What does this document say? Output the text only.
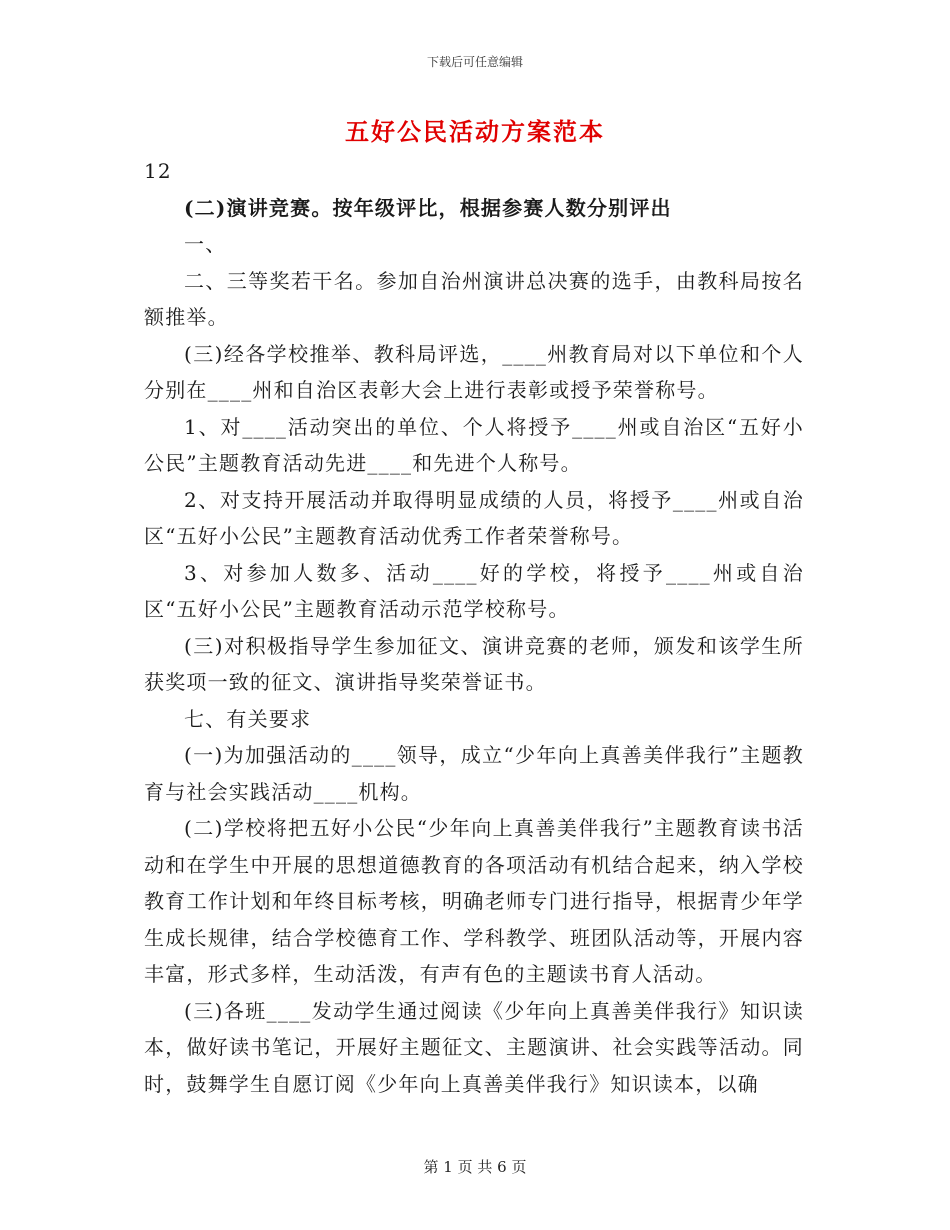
下载后可任意编辑
五好公民活动方案范本

12

(二)演讲竞赛。按年级评比，根据参赛人数分别评出

一、

二、三等奖若干名。参加自治州演讲总决赛的选手，由教科局按名额推举。

(三)经各学校推举、教科局评选，____州教育局对以下单位和个人分别在____州和自治区表彰大会上进行表彰或授予荣誉称号。

1、对____活动突出的单位、个人将授予____州或自治区“五好小公民”主题教育活动先进____和先进个人称号。

2、对支持开展活动并取得明显成绩的人员，将授予____州或自治区“五好小公民”主题教育活动优秀工作者荣誉称号。

3、对参加人数多、活动____好的学校，将授予____州或自治区“五好小公民”主题教育活动示范学校称号。

(三)对积极指导学生参加征文、演讲竞赛的老师，颁发和该学生所获奖项一致的征文、演讲指导奖荣誉证书。

七、有关要求

(一)为加强活动的____领导，成立“少年向上真善美伴我行”主题教育与社会实践活动____机构。

(二)学校将把五好小公民“少年向上真善美伴我行”主题教育读书活动和在学生中开展的思想道德教育的各项活动有机结合起来，纳入学校教育工作计划和年终目标考核，明确老师专门进行指导，根据青少年学生成长规律，结合学校德育工作、学科教学、班团队活动等，开展内容丰富，形式多样，生动活泼，有声有色的主题读书育人活动。

(三)各班____发动学生通过阅读《少年向上真善美伴我行》知识读本，做好读书笔记，开展好主题征文、主题演讲、社会实践等活动。同时，鼓舞学生自愿订阅《少年向上真善美伴我行》知识读本，以确

第 1 页 共 6 页
